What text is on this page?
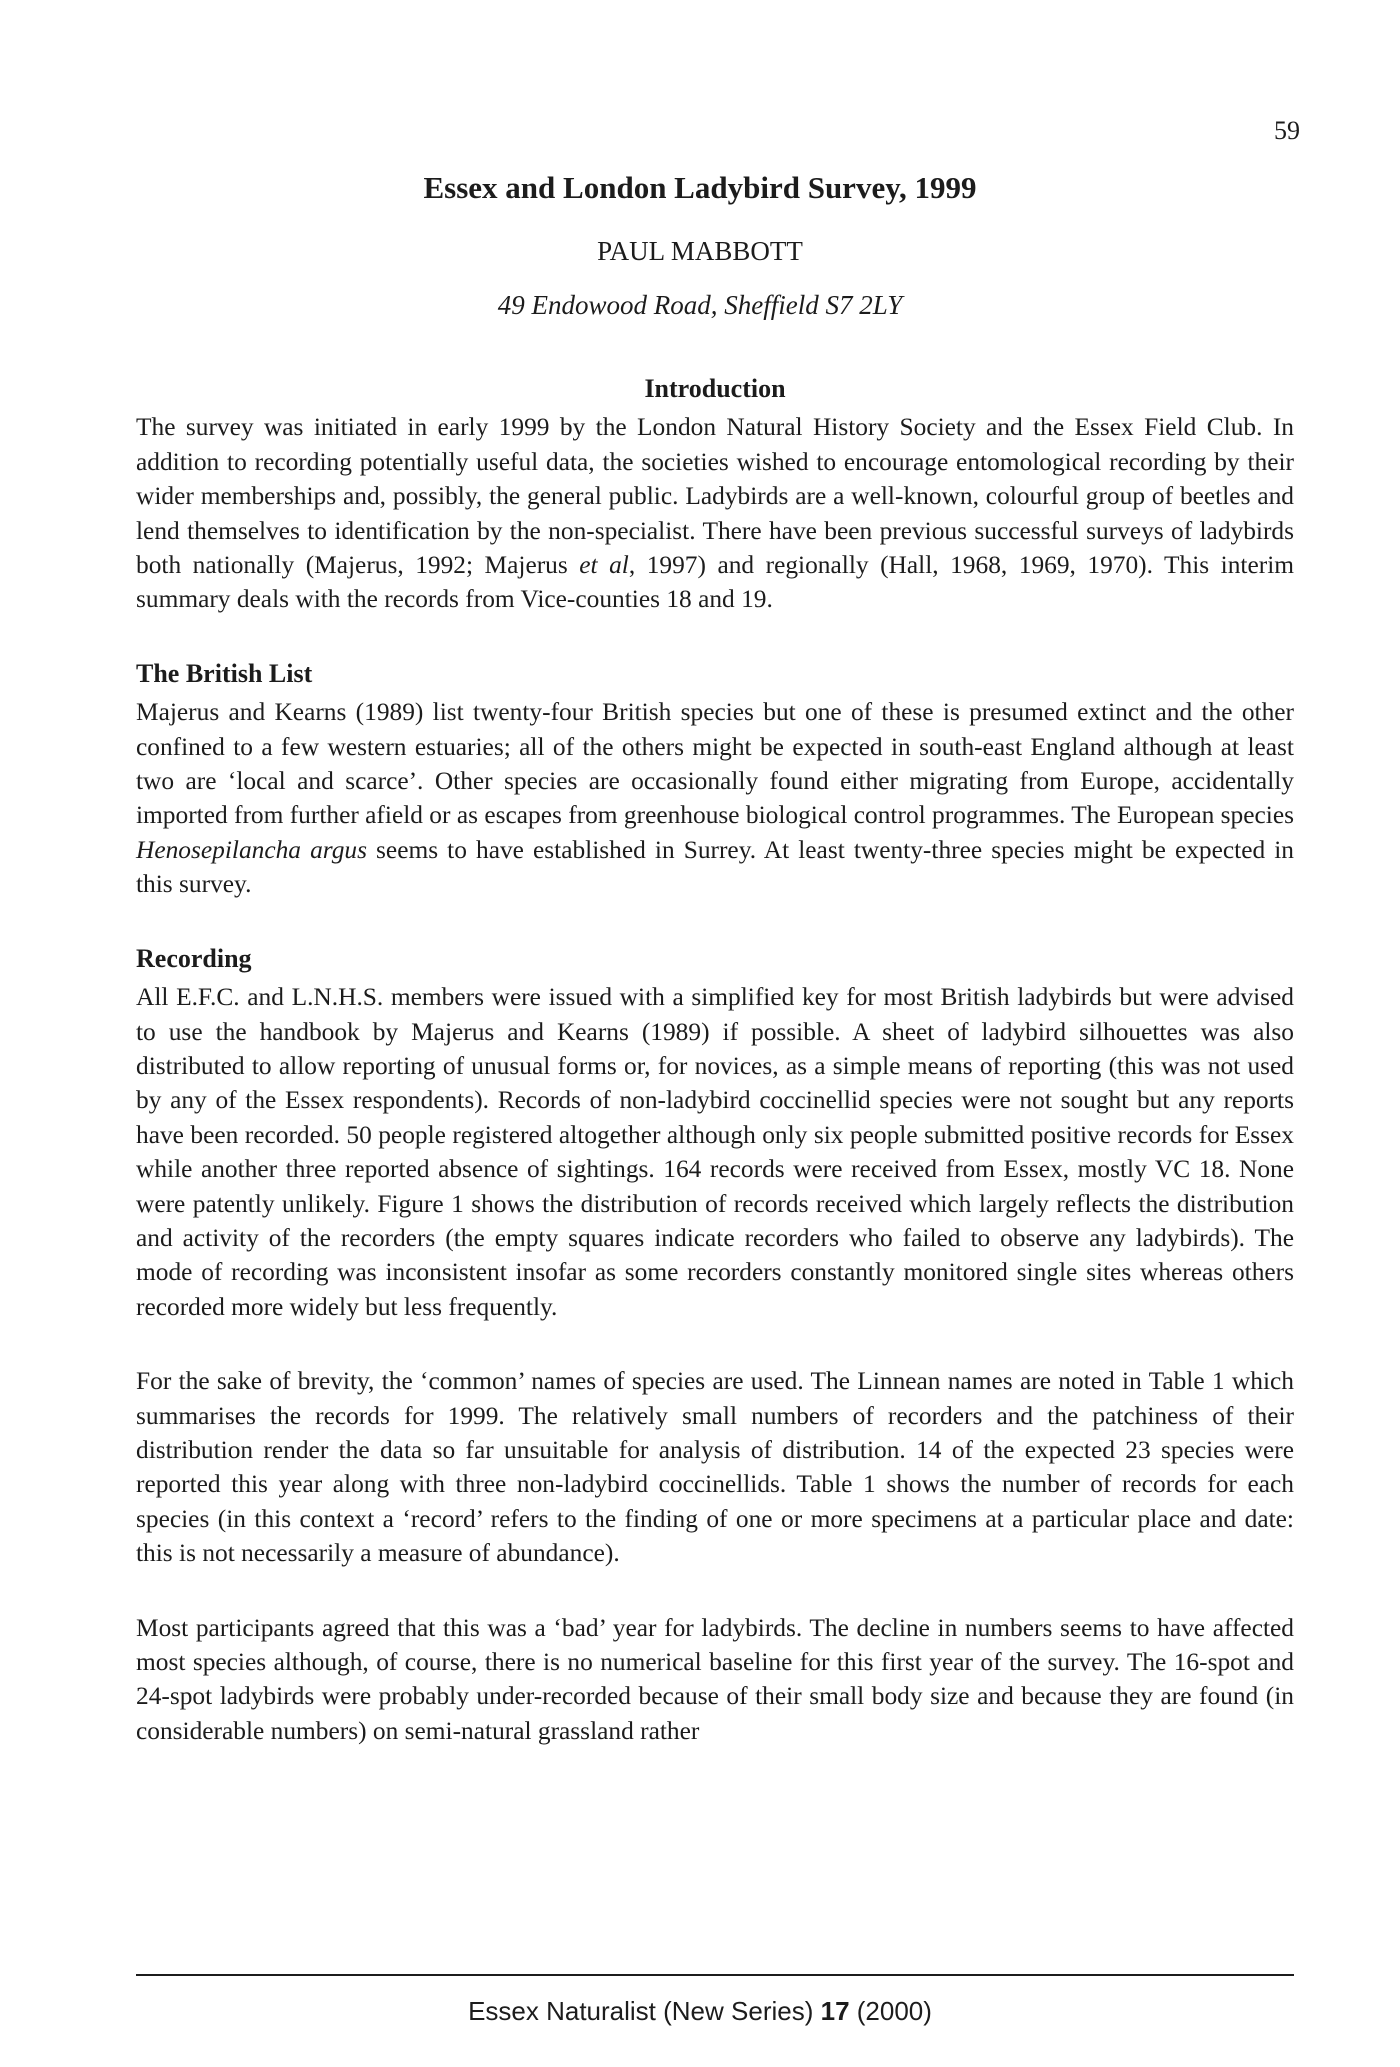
59

Essex and London Ladybird Survey, 1999

PAUL MABBOTT

49 Endowood Road, Sheffield S7 2LY

Introduction

The survey was initiated in early 1999 by the London Natural History Society and the Essex Field Club. In addition to recording potentially useful data, the societies wished to encourage entomological recording by their wider memberships and, possibly, the general public. Ladybirds are a well-known, colourful group of beetles and lend themselves to identification by the non-specialist. There have been previous successful surveys of ladybirds both nationally (Majerus, 1992; Majerus et al, 1997) and regionally (Hall, 1968, 1969, 1970). This interim summary deals with the records from Vice-counties 18 and 19.

The British List

Majerus and Kearns (1989) list twenty-four British species but one of these is presumed extinct and the other confined to a few western estuaries; all of the others might be expected in south-east England although at least two are ‘local and scarce’. Other species are occasionally found either migrating from Europe, accidentally imported from further afield or as escapes from greenhouse biological control programmes. The European species Henosepilancha argus seems to have established in Surrey. At least twenty-three species might be expected in this survey.

Recording

All E.F.C. and L.N.H.S. members were issued with a simplified key for most British ladybirds but were advised to use the handbook by Majerus and Kearns (1989) if possible. A sheet of ladybird silhouettes was also distributed to allow reporting of unusual forms or, for novices, as a simple means of reporting (this was not used by any of the Essex respondents). Records of non-ladybird coccinellid species were not sought but any reports have been recorded. 50 people registered altogether although only six people submitted positive records for Essex while another three reported absence of sightings. 164 records were received from Essex, mostly VC 18. None were patently unlikely. Figure 1 shows the distribution of records received which largely reflects the distribution and activity of the recorders (the empty squares indicate recorders who failed to observe any ladybirds). The mode of recording was inconsistent insofar as some recorders constantly monitored single sites whereas others recorded more widely but less frequently.

For the sake of brevity, the ‘common’ names of species are used. The Linnean names are noted in Table 1 which summarises the records for 1999. The relatively small numbers of recorders and the patchiness of their distribution render the data so far unsuitable for analysis of distribution. 14 of the expected 23 species were reported this year along with three non-ladybird coccinellids. Table 1 shows the number of records for each species (in this context a ‘record’ refers to the finding of one or more specimens at a particular place and date: this is not necessarily a measure of abundance).

Most participants agreed that this was a ‘bad’ year for ladybirds. The decline in numbers seems to have affected most species although, of course, there is no numerical baseline for this first year of the survey. The 16-spot and 24-spot ladybirds were probably under-recorded because of their small body size and because they are found (in considerable numbers) on semi-natural grassland rather

Essex Naturalist (New Series) 17 (2000)
